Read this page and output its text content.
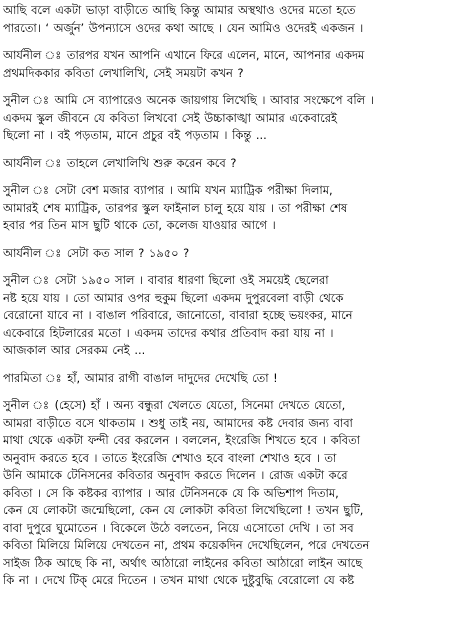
আছি বলে একটা ভাড়া বাড়ীতে আছি কিন্তু আমার অস্থথাও ওদের মতো হতে
পারতো। ‘ অর্জুন’ উপন্যাসে ওদের কথা আছে । যেন আমিও ওদেরই একজন ।
আর্যনীল ঃ তারপর যখন আপনি এখানে ফিরে এলেন, মানে, আপনার একদম
প্রথমদিককার কবিতা লেখালিখি, সেই সময়টা কখন ?
সুনীল ঃ আমি সে ব্যাপারেও অনেক জায়গায় লিখেছি । আবার সংক্ষেপে বলি ।
একদম স্কুল জীবনে যে কবিতা লিখবো সেই উচ্চাকাঙ্খা আমার একেবারেই
ছিলো না । বই পড়তাম, মানে প্রচুর বই পড়তাম । কিন্তু ...
আর্যনীল ঃ তাহলে লেখালিখি শুরু করেন কবে ?
সুনীল ঃ সেটা বেশ মজার ব্যাপার । আমি যখন ম্যাট্রিক পরীক্ষা দিলাম,
আমারই শেষ ম্যাট্রিক, তারপর স্কুল ফাইনাল চালু হয়ে যায় । তা পরীক্ষা শেষ
হবার পর তিন মাস ছুটি থাকে তো, কলেজ যাওয়ার আগে ।
আর্যনীল ঃ সেটা কত সাল ? ১৯৫০ ?
সুনীল ঃ সেটা ১৯৫০ সাল । বাবার ধারণা ছিলো ওই সময়েই ছেলেরা
নষ্ট হয়ে যায় । তো আমার ওপর হুকুম ছিলো একদম দুপুরবেলা বাড়ী থেকে
বেরোনো যাবে না । বাঙাল পরিবারে, জানোতো, বাবারা হচ্ছে ভয়ংকর, মানে
একেবারে হিটলারের মতো । একদম তাদের কথার প্রতিবাদ করা যায় না ।
আজকাল আর সেরকম নেই ...
পারমিতা ঃ হাঁ, আমার রাগী বাঙাল দাদুদের দেখেছি তো !
সুনীল ঃ (হেসে) হাঁ । অন্য বন্ধুরা খেলতে যেতো, সিনেমা দেখতে যেতো,
আমরা বাড়ীতে বসে থাকতাম । শুধু তাই নয়, আমাদের কষ্ট দেবার জন্য বাবা
মাথা থেকে একটা ফন্দী বের করলেন । বললেন, ইংরেজি শিখতে হবে । কবিতা
অনুবাদ করতে হবে । তাতে ইংরেজি শেখাও হবে বাংলা শেখাও হবে । তা
উনি আমাকে টেনিসনের কবিতার অনুবাদ করতে দিলেন । রোজ একটা করে
কবিতা । সে কি কষ্টকর ব্যাপার । আর টেনিসনকে যে কি অভিশাপ দিতাম,
কেন যে লোকটা জন্মেছিলো, কেন যে লোকটা কবিতা লিখেছিলো ! তখন ছুটি,
বাবা দুপুরে ঘুমোতেন । বিকেলে উঠে বলতেন, নিয়ে এসোতো দেখি । তা সব
কবিতা মিলিয়ে মিলিয়ে দেখতেন না, প্রথম কয়েকদিন দেখেছিলেন, পরে দেখতেন
সাইজ ঠিক আছে কি না, অর্থাৎ আঠারো লাইনের কবিতা আঠারো লাইন আছে
কি না । দেখে টিক্ মেরে দিতেন । তখন মাথা থেকে দুষ্টুবুদ্ধি বেরোলো যে কষ্ট
